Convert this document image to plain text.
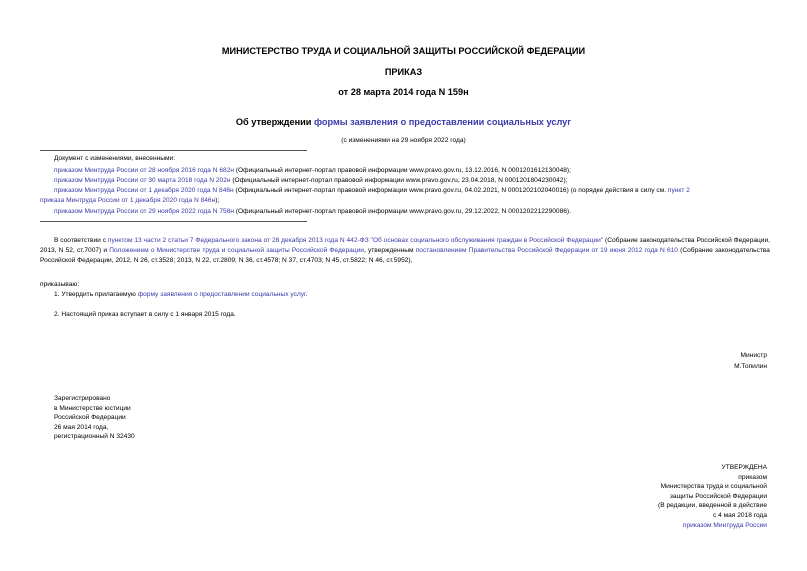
МИНИСТЕРСТВО ТРУДА И СОЦИАЛЬНОЙ ЗАЩИТЫ РОССИЙСКОЙ ФЕДЕРАЦИИ
ПРИКАЗ
от 28 марта 2014 года N 159н
Об утверждении формы заявления о предоставлении социальных услуг
(с изменениями на 29 ноября 2022 года)
Документ с изменениями, внесенными:
приказом Минтруда России от 28 ноября 2016 года N 682н (Официальный интернет-портал правовой информации www.pravo.gov.ru, 13.12.2016, N 0001201612130048);
приказом Минтруда России от 30 марта 2018 года N 202н (Официальный интернет-портал правовой информации www.pravo.gov.ru, 23.04.2018, N 0001201804230042);
приказом Минтруда России от 1 декабря 2020 года N 846н (Официальный интернет-портал правовой информации www.pravo.gov.ru, 04.02.2021, N 0001202102040016) (о порядке действия в силу см. пункт 2
приказа Минтруда России от 1 декабря 2020 года N 846н);
приказом Минтруда России от 29 ноября 2022 года N 758н (Официальный интернет-портал правовой информации www.pravo.gov.ru, 29.12.2022, N 0001202212290086).
В соответствии с пунктом 13 части 2 статьи 7 Федерального закона от 28 декабря 2013 года N 442-ФЗ "Об основах социального обслуживания граждан в Российской Федерации" (Собрание законодательства Российской Федерации, 2013, N 52, ст.7007) и Положением о Министерстве труда и социальной защиты Российской Федерации, утвержденным постановлением Правительства Российской Федерации от 19 июня 2012 года N 610 (Собрание законодательства Российской Федерации, 2012, N 26, ст.3528; 2013, N 22, ст.2809; N 36, ст.4578; N 37, ст.4703; N 45, ст.5822; N 46, ст.5952),
приказываю:
1. Утвердить прилагаемую форму заявления о предоставлении социальных услуг.
2. Настоящий приказ вступает в силу с 1 января 2015 года.
Министр
М.Топилин
Зарегистрировано
в Министерстве юстиции
Российской Федерации
26 мая 2014 года,
регистрационный N 32430
УТВЕРЖДЕНА
приказом
Министерства труда и социальной
защиты Российской Федерации
(В редакции, введенной в действие
с 4 мая 2018 года
приказом Минтруда России
